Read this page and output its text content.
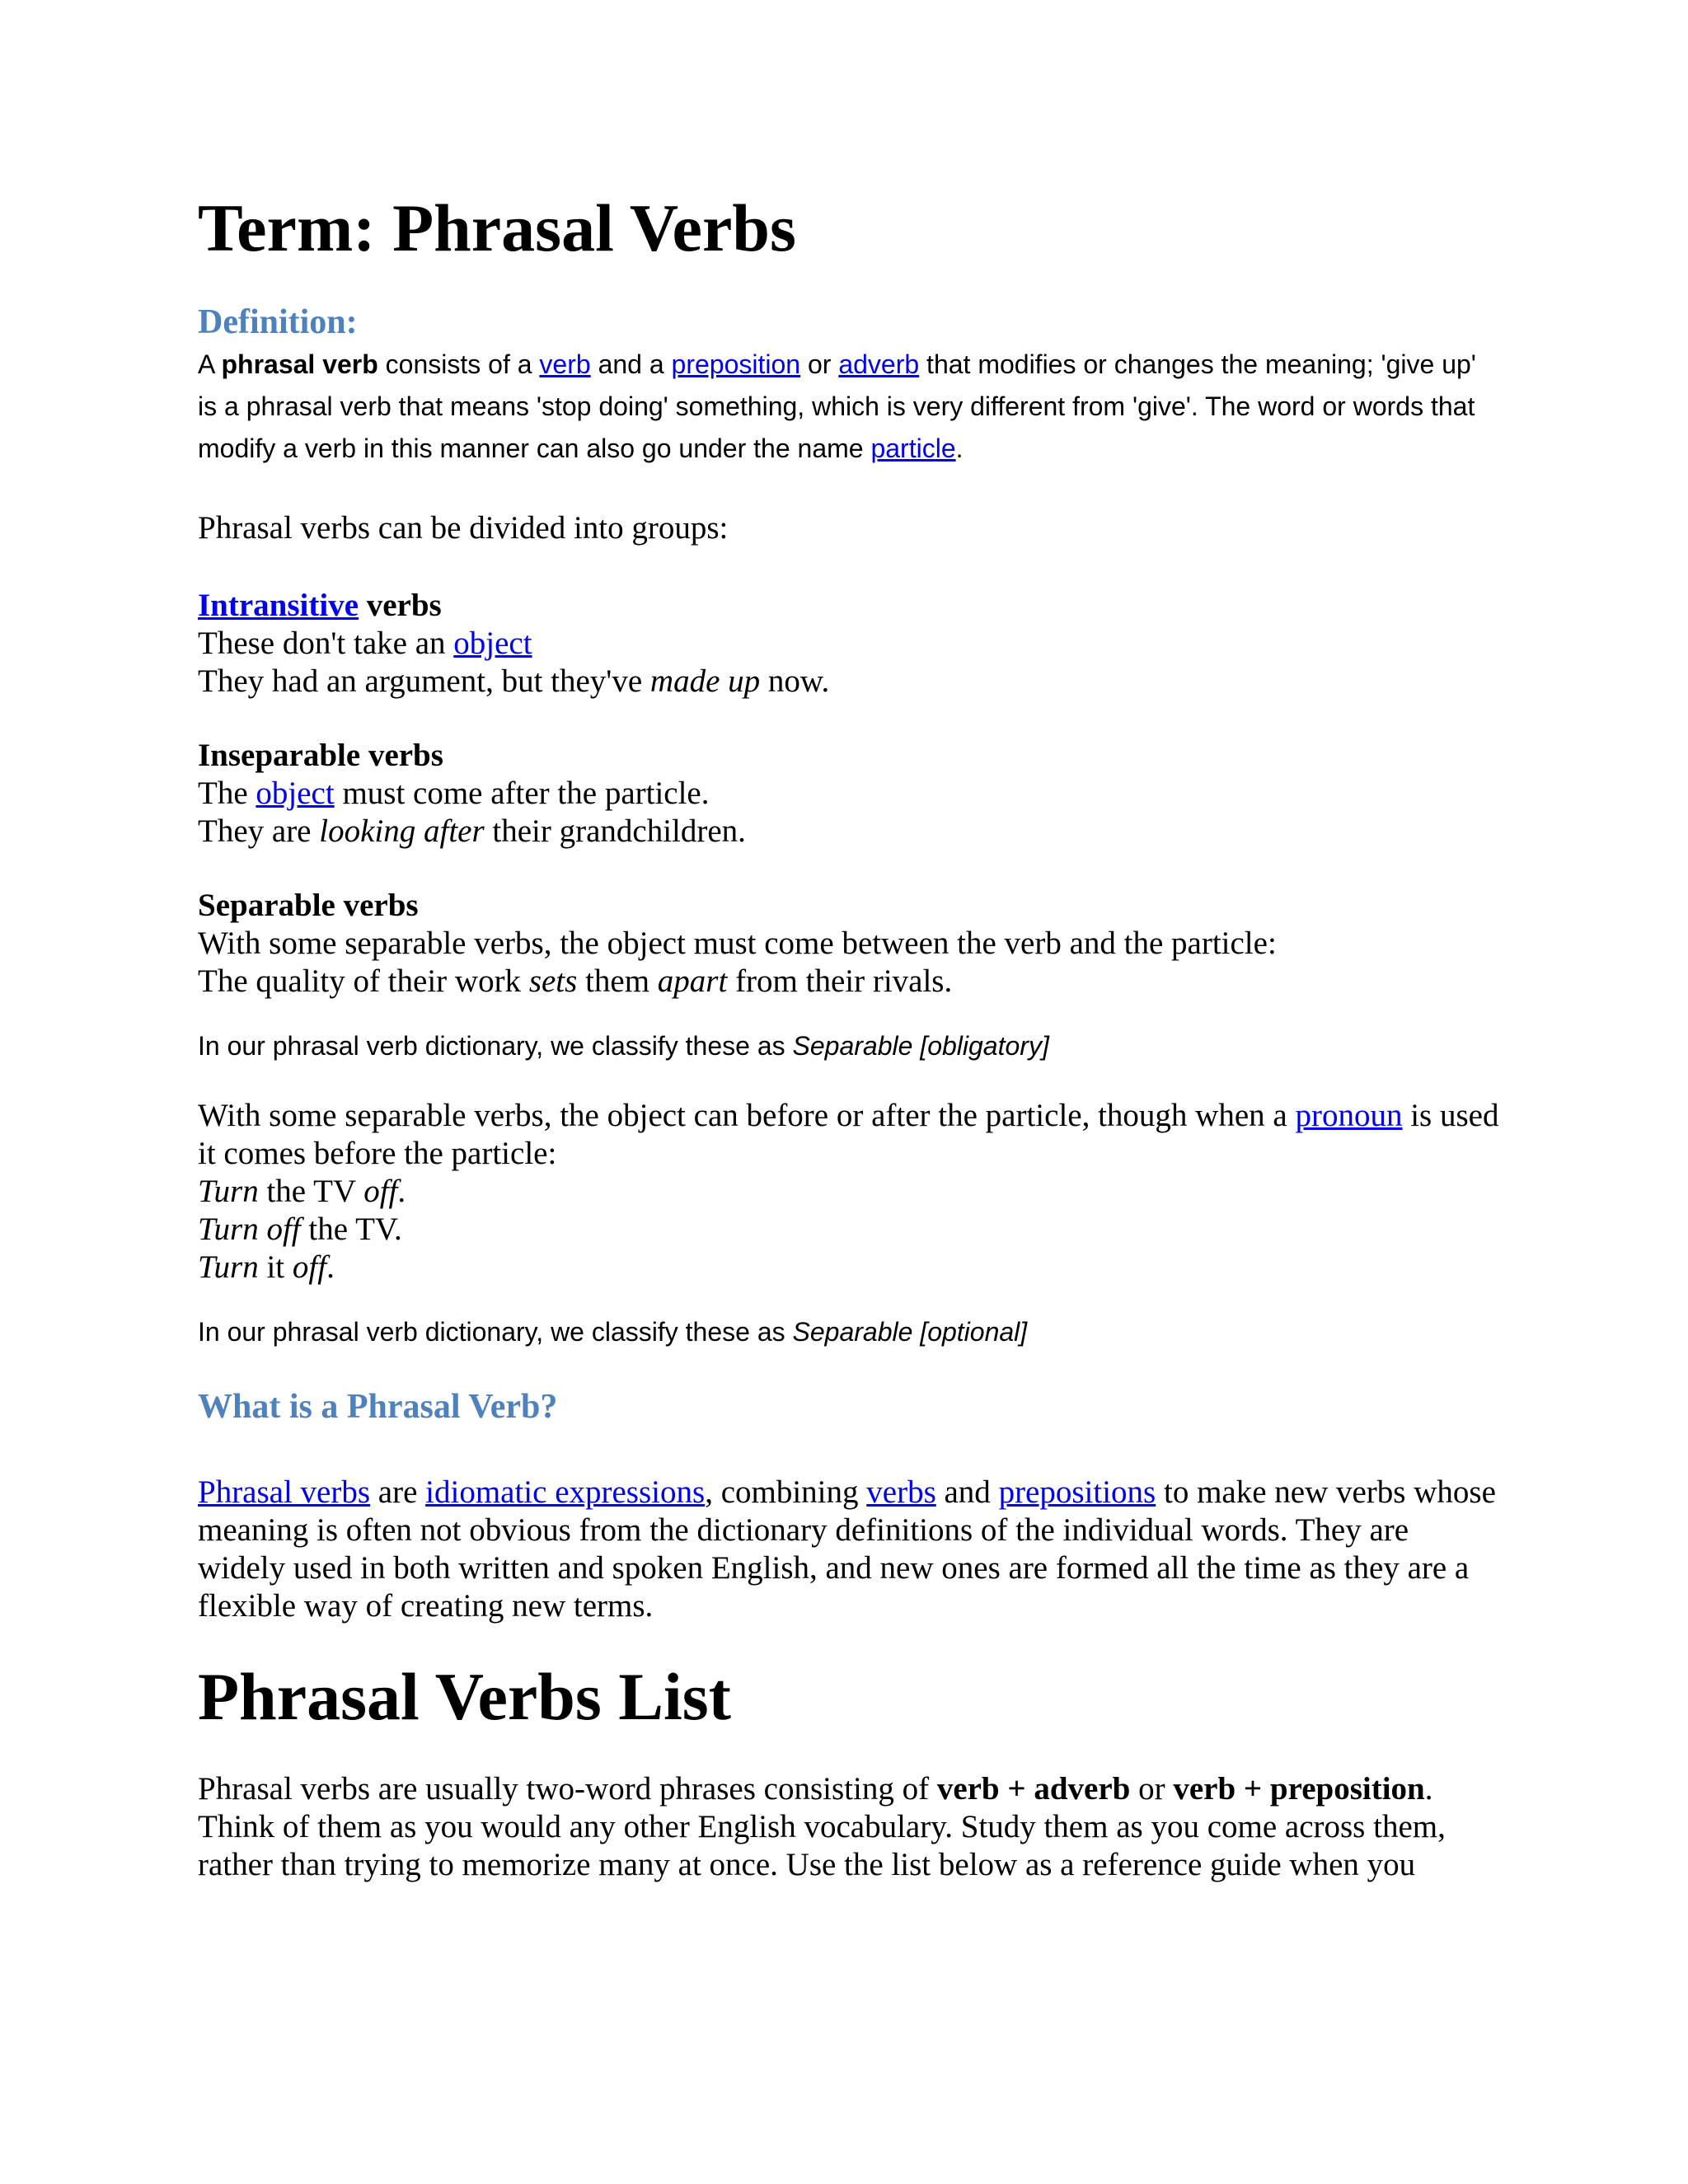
Term: Phrasal Verbs
Definition:

A phrasal verb consists of a verb and a preposition or adverb that modifies or changes the meaning; 'give up' is a phrasal verb that means 'stop doing' something, which is very different from 'give'. The word or words that modify a verb in this manner can also go under the name particle.

Phrasal verbs can be divided into groups:

Intransitive verbs
These don't take an object
They had an argument, but they've made up now.
Inseparable verbs
The object must come after the particle.
They are looking after their grandchildren.
Separable verbs
With some separable verbs, the object must come between the verb and the particle:
The quality of their work sets them apart from their rivals.

In our phrasal verb dictionary, we classify these as Separable [obligatory]

With some separable verbs, the object can before or after the particle, though when a pronoun is used it comes before the particle:
Turn the TV off.
Turn off the TV.
Turn it off.

In our phrasal verb dictionary, we classify these as Separable [optional]

What is a Phrasal Verb?

Phrasal verbs are idiomatic expressions, combining verbs and prepositions to make new verbs whose meaning is often not obvious from the dictionary definitions of the individual words. They are widely used in both written and spoken English, and new ones are formed all the time as they are a flexible way of creating new terms.

Phrasal Verbs List

Phrasal verbs are usually two-word phrases consisting of verb + adverb or verb + preposition. Think of them as you would any other English vocabulary. Study them as you come across them, rather than trying to memorize many at once. Use the list below as a reference guide when you
